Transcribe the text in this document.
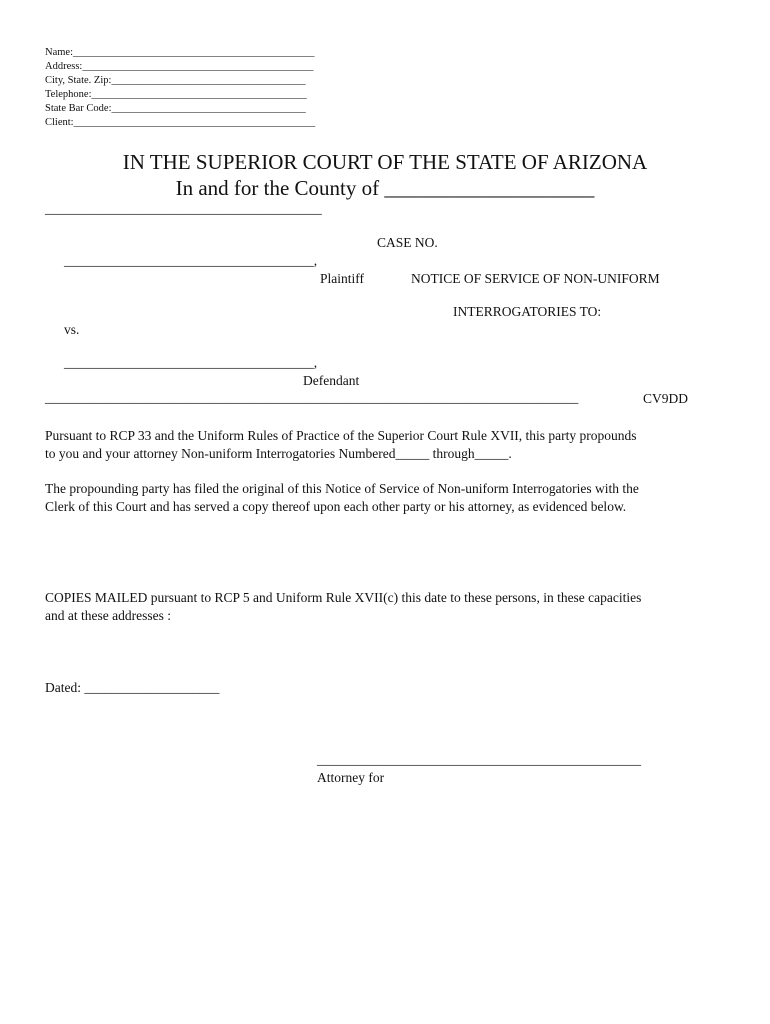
Name:______________________________________________
Address:____________________________________________
City, State. Zip:_____________________________________
Telephone:_________________________________________
State Bar Code:_____________________________________
Client:______________________________________________
IN THE SUPERIOR COURT OF THE STATE OF ARIZONA
In and for the County of ____________________
_________________________________________
CASE NO.
_____________________________________,
Plaintiff	NOTICE OF SERVICE OF NON-UNIFORM
INTERROGATORIES TO:
vs.
_____________________________________,
Defendant
_______________________________________________________________________________	CV9DD
Pursuant to RCP 33 and the Uniform Rules of Practice of the Superior Court Rule XVII, this party propounds
to you and your attorney Non-uniform Interrogatories Numbered_____ through_____.
The propounding party has filed the original of this Notice of Service of Non-uniform Interrogatories with the
Clerk of this Court and has served a copy thereof upon each other party or his attorney, as evidenced below.
COPIES MAILED pursuant to RCP 5 and Uniform Rule XVII(c) this date to these persons, in these capacities
and at these addresses :
Dated: ____________________
________________________________________________
Attorney for
